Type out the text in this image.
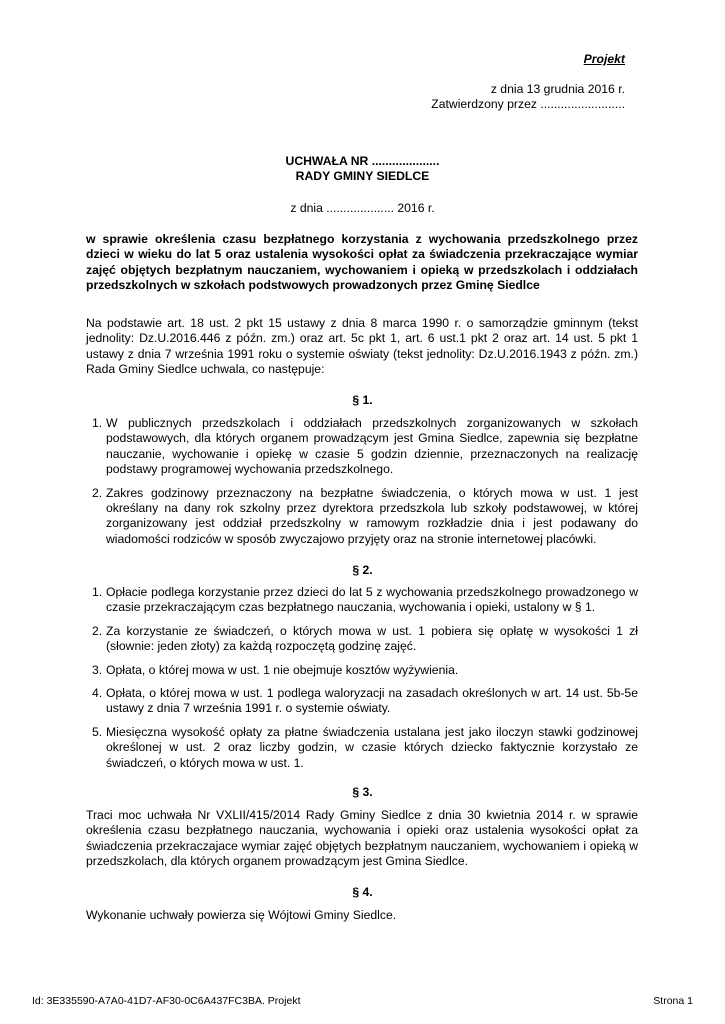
Projekt
z dnia 13 grudnia 2016 r.
Zatwierdzony przez .........................
UCHWAŁA NR ....................
RADY GMINY SIEDLCE
z dnia .................... 2016 r.
w sprawie określenia czasu bezpłatnego korzystania z wychowania przedszkolnego przez dzieci w wieku do lat 5 oraz ustalenia wysokości opłat za świadczenia przekraczające wymiar zajęć objętych bezpłatnym nauczaniem, wychowaniem i opieką w przedszkolach i oddziałach przedszkolnych w szkołach podstwowych prowadzonych przez Gminę Siedlce
Na podstawie art. 18 ust. 2 pkt 15 ustawy z dnia 8 marca 1990 r. o samorządzie gminnym (tekst jednolity: Dz.U.2016.446 z późn. zm.) oraz art. 5c pkt 1, art. 6 ust.1 pkt 2 oraz art. 14 ust. 5 pkt 1 ustawy z dnia 7 września 1991 roku o systemie oświaty (tekst jednolity: Dz.U.2016.1943 z późn. zm.) Rada Gminy Siedlce uchwala, co następuje:
§ 1.
1. W publicznych przedszkolach i oddziałach przedszkolnych zorganizowanych w szkołach podstawowych, dla których organem prowadzącym jest Gmina Siedlce, zapewnia się bezpłatne nauczanie, wychowanie i opiekę w czasie 5 godzin dziennie, przeznaczonych na realizację podstawy programowej wychowania przedszkolnego.
2. Zakres godzinowy przeznaczony na bezpłatne świadczenia, o których mowa w ust. 1 jest określany na dany rok szkolny przez dyrektora przedszkola lub szkoły podstawowej, w której zorganizowany jest oddział przedszkolny w ramowym rozkładzie dnia i jest podawany do wiadomości rodziców w sposób zwyczajowo przyjęty oraz na stronie internetowej placówki.
§ 2.
1. Opłacie podlega korzystanie przez dzieci do lat 5 z wychowania przedszkolnego prowadzonego w czasie przekraczającym czas bezpłatnego nauczania, wychowania i opieki, ustalony w § 1.
2. Za korzystanie ze świadczeń, o których mowa w ust. 1 pobiera się opłatę w wysokości 1 zł (słownie: jeden złoty) za każdą rozpoczętą godzinę zajęć.
3. Opłata, o której mowa w ust. 1 nie obejmuje kosztów wyżywienia.
4. Opłata, o której mowa w ust. 1 podlega waloryzacji na zasadach określonych w art. 14 ust. 5b-5e ustawy z dnia 7 września 1991 r. o systemie oświaty.
5. Miesięczna wysokość opłaty za płatne świadczenia ustalana jest jako iloczyn stawki godzinowej określonej w ust. 2 oraz liczby godzin, w czasie których dziecko faktycznie korzystało ze świadczeń, o których mowa w ust. 1.
§ 3.
Traci moc uchwała Nr VXLII/415/2014 Rady Gminy Siedlce z dnia 30 kwietnia 2014 r. w sprawie określenia czasu bezpłatnego nauczania, wychowania i opieki oraz ustalenia wysokości opłat za świadczenia przekraczajace wymiar zajęć objętych bezpłatnym nauczaniem, wychowaniem i opieką w przedszkolach, dla których organem prowadzącym jest Gmina Siedlce.
§ 4.
Wykonanie uchwały powierza się Wójtowi Gminy Siedlce.
Id: 3E335590-A7A0-41D7-AF30-0C6A437FC3BA. Projekt	Strona 1
